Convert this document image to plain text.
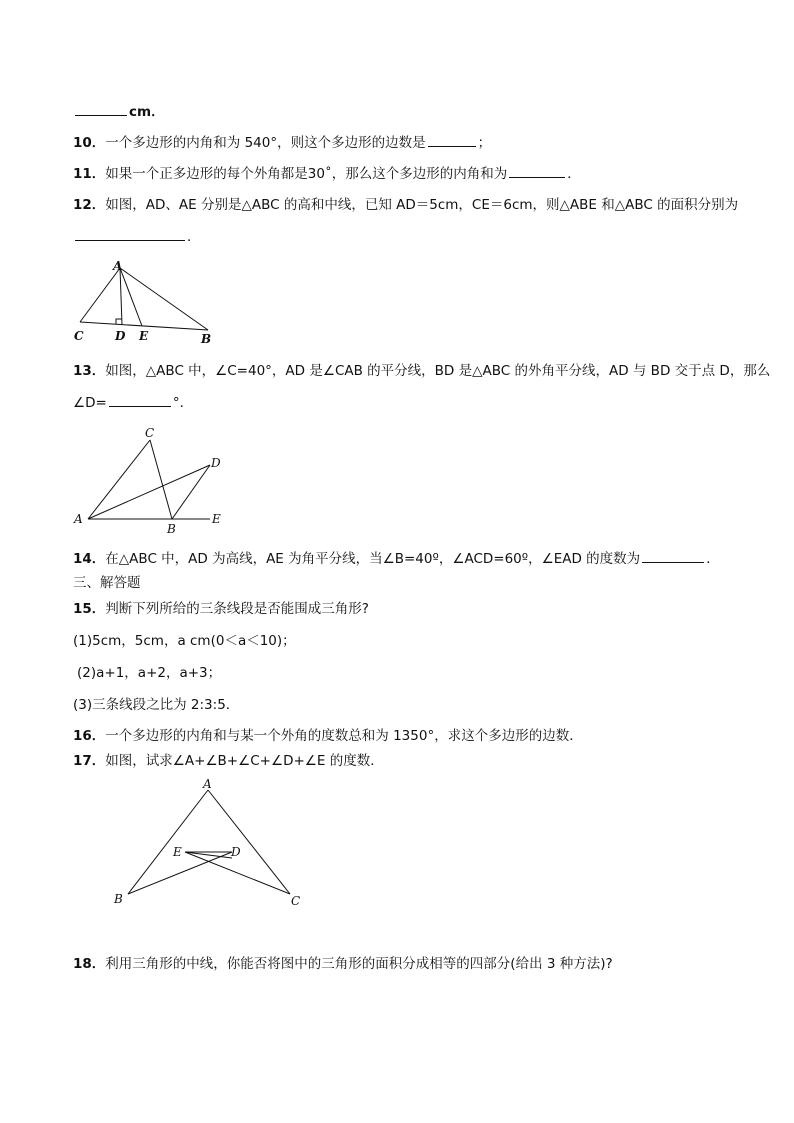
cm．
10．一个多边形的内角和为 540°，则这个多边形的边数是	；
11．如果一个正多边形的每个外角都是30˚，那么这个多边形的内角和为	．
12．如图，AD、AE 分别是△ABC 的高和中线，已知 AD＝5cm，CE＝6cm，则△ABE 和△ABC 的面积分别为
．
A
C	D E	B
13．如图，△ABC 中，∠C=40°，AD 是∠CAB 的平分线，BD 是△ABC 的外角平分线，AD 与 BD 交于点 D，那么
∠D=	°．
C
D
A
B
E
14．在△ABC 中，AD 为高线，AE 为角平分线，当∠B=40º，∠ACD=60º，∠EAD 的度数为	．
三、解答题
15．判断下列所给的三条线段是否能围成三角形?
(1)5cm，5cm，a cm(0＜a＜10)；
(2)a+1，a+2，a+3；
(3)三条线段之比为 2:3:5．
16．一个多边形的内角和与某一个外角的度数总和为 1350°，求这个多边形的边数．
17．如图，试求∠A+∠B+∠C+∠D+∠E 的度数．
A
E	D
B	C
18．利用三角形的中线，你能否将图中的三角形的面积分成相等的四部分(给出 3 种方法)?
